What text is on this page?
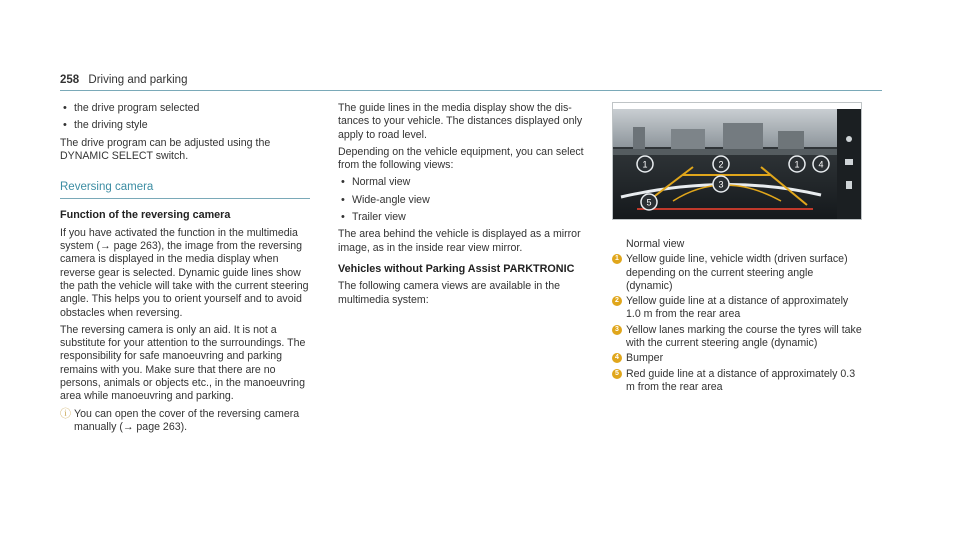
258 Driving and parking
• the drive program selected
• the driving style

The drive program can be adjusted using the DYNAMIC SELECT switch.

Reversing camera

Function of the reversing camera

If you have activated the function in the multimedia system (→ page 263), the image from the reversing camera is displayed in the media display when reverse gear is selected. Dynamic guide lines show the path the vehicle will take with the current steering angle. This helps you to orient yourself and to avoid obstacles when reversing.

The reversing camera is only an aid. It is not a substitute for your attention to the surroundings. The responsibility for safe manoeuvring and parking remains with you. Make sure that there are no persons, animals or objects etc., in the manoeuvring area while manoeuvring and parking.

ⓘ You can open the cover of the reversing camera manually (→ page 263).

The guide lines in the media display show the distances to your vehicle. The distances displayed only apply to road level.

Depending on the vehicle equipment, you can select from the following views:

• Normal view
• Wide-angle view
• Trailer view

The area behind the vehicle is displayed as a mirror image, as in the inside rear view mirror.

Vehicles without Parking Assist PARKTRONIC

The following camera views are available in the multimedia system:

1	2
3
1 4
5
Normal view
1 Yellow guide line, vehicle width (driven surface) depending on the current steering angle (dynamic)
2 Yellow guide line at a distance of approximately 1.0 m from the rear area
3 Yellow lanes marking the course the tyres will take with the current steering angle (dynamic)
4 Bumper
5 Red guide line at a distance of approximately 0.3 m from the rear area
